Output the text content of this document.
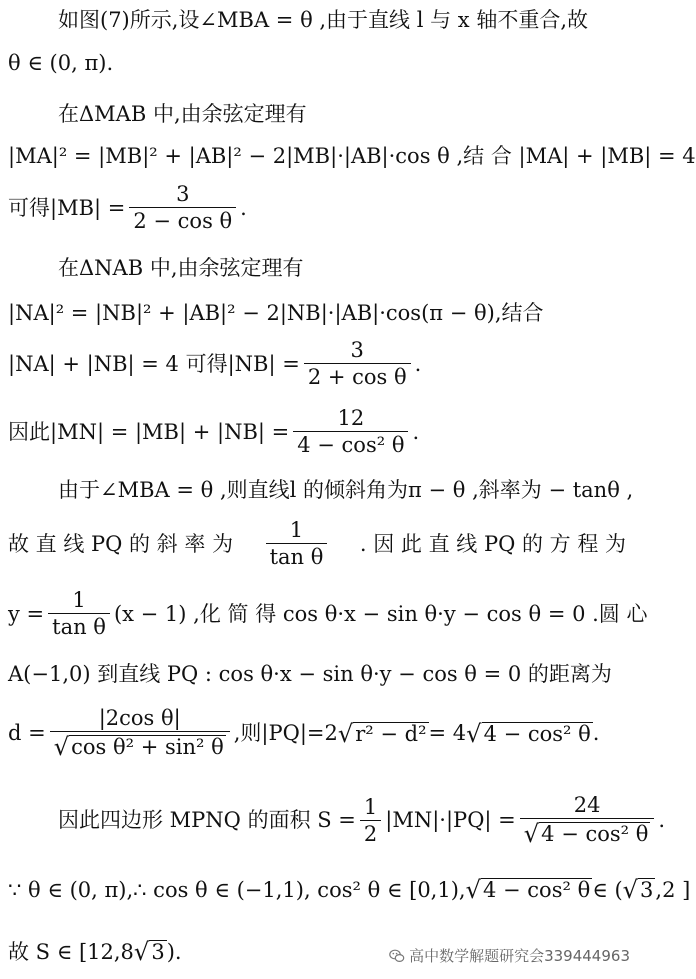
如图(7)所示,设∠MBA = θ ,由于直线 l 与 x 轴不重合,故
θ ∈ (0, π).
在ΔMAB 中,由余弦定理有
|MA|² = |MB|² + |AB|² − 2|MB|·|AB|·cos θ ,结 合 |MA| + |MB| = 4
可得$|MB| = \frac{3}{\text{2 − cos θ}}$ .
在ΔNAB 中,由余弦定理有
|NA|² = |NB|² + |AB|² − 2|NB|·|AB|·cos(π − θ),结合
|NA| + |NB| = 4 可得$|NB| = \frac{3}{\text{2 + cos θ}}$ .
因此$|MN| = |MB| + |NB| = \frac{12}{\text{4 − cos² θ}}$ .
由于∠MBA = θ ,则直线l 的倾斜角为π − θ ,斜率为 − tanθ ,
故 直 线 PQ 的 斜 率 为 $\frac{1}{\text{tan θ}}$ . 因 此 直 线 PQ 的 方 程 为
$y = \frac{1}{\text{tan θ}} (x - 1)$ ,化 简 得 cos θ·x − sin θ·y − cos θ = 0 .圆 心
A(−1,0) 到直线 PQ : cos θ·x − sin θ·y − cos θ = 0 的距离为
$d = \frac{\text{|2cos θ|}}{\text{√ cos θ² + sin² θ}}$ ,则|PQ|=2 √ r² − d² = 4 √ 4 − cos² θ .
因此四边形 MPNQ 的面积 $S = \frac{1}{2} |MN|\cdot|PQ| = \frac{24}{\text{√ 4 − cos² θ}}$ .
∵ θ ∈ (0, π),∴ cos θ ∈ (−1,1), cos² θ ∈ [0,1), √ 4 − cos² θ ∈ ( √ 3 ,2 ]
故 S ∈ [12,8 √ 3 ).	高中数学解题研究会339444963
